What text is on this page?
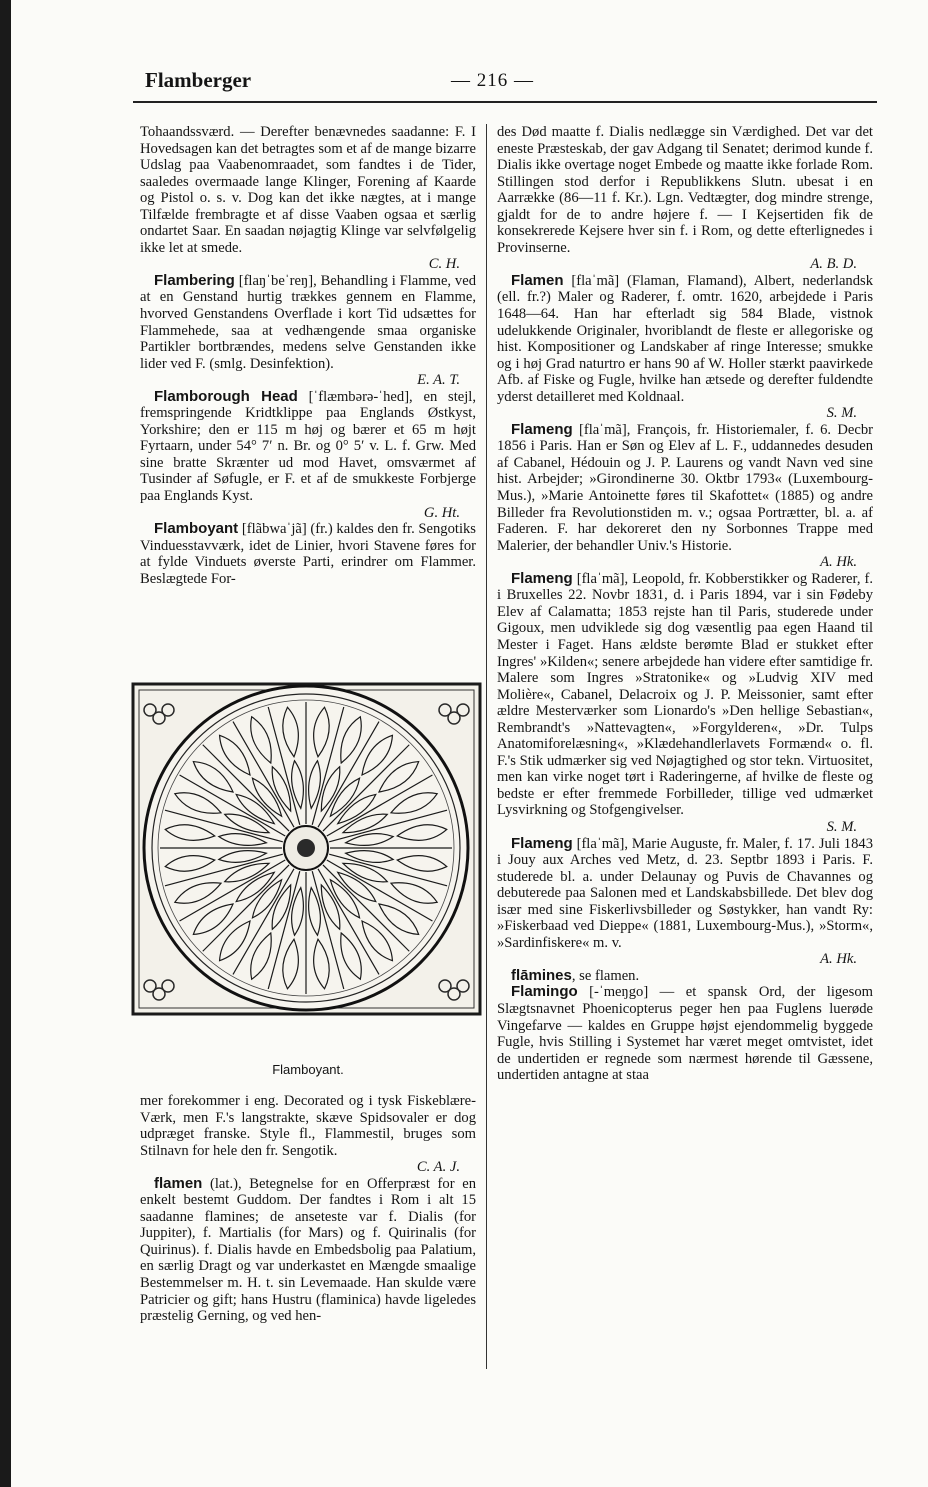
Flamberger	— 216 —

Tohaandssværd. — Derefter benævnedes saadanne: F. I Hovedsagen kan det betragtes som et af de mange bizarre Udslag paa Vaabenomraadet, som fandtes i de Tider, saaledes overmaade lange Klinger, Forening af Kaarde og Pistol o. s. v. Dog kan det ikke nægtes, at i mange Tilfælde frembragte et af disse Vaaben ogsaa et særlig ondartet Saar. En saadan nøjagtig Klinge var selvfølgelig ikke let at smede.
C. H.

Flambering [flaŋˈbeˈreŋ], Behandling i Flamme, ved at en Genstand hurtig trækkes gennem en Flamme, hvorved Genstandens Overflade i kort Tid udsættes for Flammehede, saa at vedhængende smaa organiske Partikler bortbrændes, medens selve Genstanden ikke lider ved F. (smlg. Desinfektion).
E. A. T.

Flamborough Head [ˈflæmbərə-ˈhed], en stejl, fremspringende Kridtklippe paa Englands Østkyst, Yorkshire; den er 115 m høj og bærer et 65 m højt Fyrtaarn, under 54° 7′ n. Br. og 0° 5′ v. L. f. Grw. Med sine bratte Skrænter ud mod Havet, omsværmet af Tusinder af Søfugle, er F. et af de smukkeste Forbjerge paa Englands Kyst.
G. Ht.

Flamboyant [flãbwaˈjã] (fr.) kaldes den fr. Sengotiks Vinduesstavværk, idet de Linier, hvori Stavene føres for at fylde Vinduets øverste Parti, erindrer om Flammer. Beslægtede For-

Flamboyant.

mer forekommer i eng. Decorated og i tysk Fiskeblære-Værk, men F.'s langstrakte, skæve Spidsovaler er dog udpræget franske. Style fl., Flammestil, bruges som Stilnavn for hele den fr. Sengotik.
C. A. J.

flamen (lat.), Betegnelse for en Offerpræst for en enkelt bestemt Guddom. Der fandtes i Rom i alt 15 saadanne flamines; de anseteste var f. Dialis (for Juppiter), f. Martialis (for Mars) og f. Quirinalis (for Quirinus). f. Dialis havde en Embedsbolig paa Palatium, en særlig Dragt og var underkastet en Mængde smaalige Bestemmelser m. H. t. sin Levemaade. Han skulde være Patricier og gift; hans Hustru (flaminica) havde ligeledes præstelig Gerning, og ved hen-

des Død maatte f. Dialis nedlægge sin Værdighed. Det var det eneste Præsteskab, der gav Adgang til Senatet; derimod kunde f. Dialis ikke overtage noget Embede og maatte ikke forlade Rom. Stillingen stod derfor i Republikkens Slutn. ubesat i en Aarrække (86—11 f. Kr.). Lgn. Vedtægter, dog mindre strenge, gjaldt for de to andre højere f. — I Kejsertiden fik de konsekrerede Kejsere hver sin f. i Rom, og dette efterlignedes i Provinserne.
A. B. D.

Flamen [flaˈmã] (Flaman, Flamand), Albert, nederlandsk (ell. fr.?) Maler og Raderer, f. omtr. 1620, arbejdede i Paris 1648—64. Han har efterladt sig 584 Blade, vistnok udelukkende Originaler, hvoriblandt de fleste er allegoriske og hist. Kompositioner og Landskaber af ringe Interesse; smukke og i høj Grad naturtro er hans 90 af W. Holler stærkt paavirkede Afb. af Fiske og Fugle, hvilke han ætsede og derefter fuldendte yderst detailleret med Koldnaal.
S. M.

Flameng [flaˈmã], François, fr. Historiemaler, f. 6. Decbr 1856 i Paris. Han er Søn og Elev af L. F., uddannedes desuden af Cabanel, Hédouin og J. P. Laurens og vandt Navn ved sine hist. Arbejder; »Girondinerne 30. Oktbr 1793« (Luxembourg-Mus.), »Marie Antoinette føres til Skafottet« (1885) og andre Billeder fra Revolutionstiden m. v.; ogsaa Portrætter, bl. a. af Faderen. F. har dekoreret den ny Sorbonnes Trappe med Malerier, der behandler Univ.'s Historie.
A. Hk.

Flameng [flaˈmã], Leopold, fr. Kobberstikker og Raderer, f. i Bruxelles 22. Novbr 1831, d. i Paris 1894, var i sin Fødeby Elev af Calamatta; 1853 rejste han til Paris, studerede under Gigoux, men udviklede sig dog væsentlig paa egen Haand til Mester i Faget. Hans ældste berømte Blad er stukket efter Ingres' »Kilden«; senere arbejdede han videre efter samtidige fr. Malere som Ingres »Stratonike« og »Ludvig XIV med Molière«, Cabanel, Delacroix og J. P. Meissonier, samt efter ældre Mesterværker som Lionardo's »Den hellige Sebastian«, Rembrandt's »Nattevagten«, »Forgylderen«, »Dr. Tulps Anatomiforelæsning«, »Klædehandlerlavets Formænd« o. fl. F.'s Stik udmærker sig ved Nøjagtighed og stor tekn. Virtuositet, men kan virke noget tørt i Raderingerne, af hvilke de fleste og bedste er efter fremmede Forbilleder, tillige ved udmærket Lysvirkning og Stofgengivelser.
S. M.

Flameng [flaˈmã], Marie Auguste, fr. Maler, f. 17. Juli 1843 i Jouy aux Arches ved Metz, d. 23. Septbr 1893 i Paris. F. studerede bl. a. under Delaunay og Puvis de Chavannes og debuterede paa Salonen med et Landskabsbillede. Det blev dog især med sine Fiskerlivsbilleder og Søstykker, han vandt Ry: »Fiskerbaad ved Dieppe« (1881, Luxembourg-Mus.), »Storm«, »Sardinfiskere« m. v.
A. Hk.

flāmines, se flamen.

Flamingo [-ˈmeŋgo] — et spansk Ord, der ligesom Slægtsnavnet Phoenicopterus peger hen paa Fuglens luerøde Vingefarve — kaldes en Gruppe højst ejendommelig byggede Fugle, hvis Stilling i Systemet har været meget omtvistet, idet de undertiden er regnede som nærmest hørende til Gæssene, undertiden antagne at staa
